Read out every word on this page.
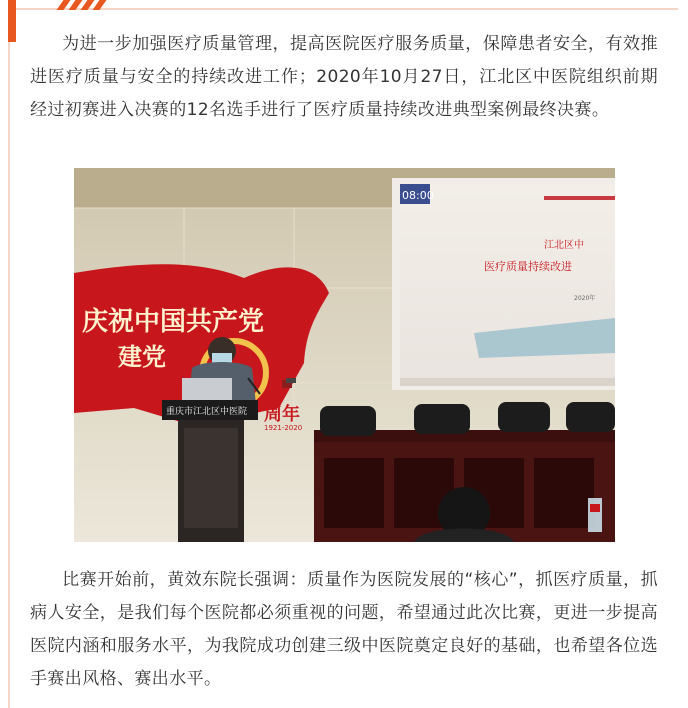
为进一步加强医疗质量管理，提高医院医疗服务质量，保障患者安全，有效推进医疗质量与安全的持续改进工作；2020年10月27日，江北区中医院组织前期经过初赛进入决赛的12名选手进行了医疗质量持续改进典型案例最终决赛。

庆祝中国共产党
建党
周年
1921-2020
08:00
江北区中
医疗质量持续改进
2020年
重庆市江北区中医院

比赛开始前，黄效东院长强调：质量作为医院发展的“核心”，抓医疗质量，抓病人安全，是我们每个医院都必须重视的问题，希望通过此次比赛，更进一步提高医院内涵和服务水平，为我院成功创建三级中医院奠定良好的基础，也希望各位选手赛出风格、赛出水平。
